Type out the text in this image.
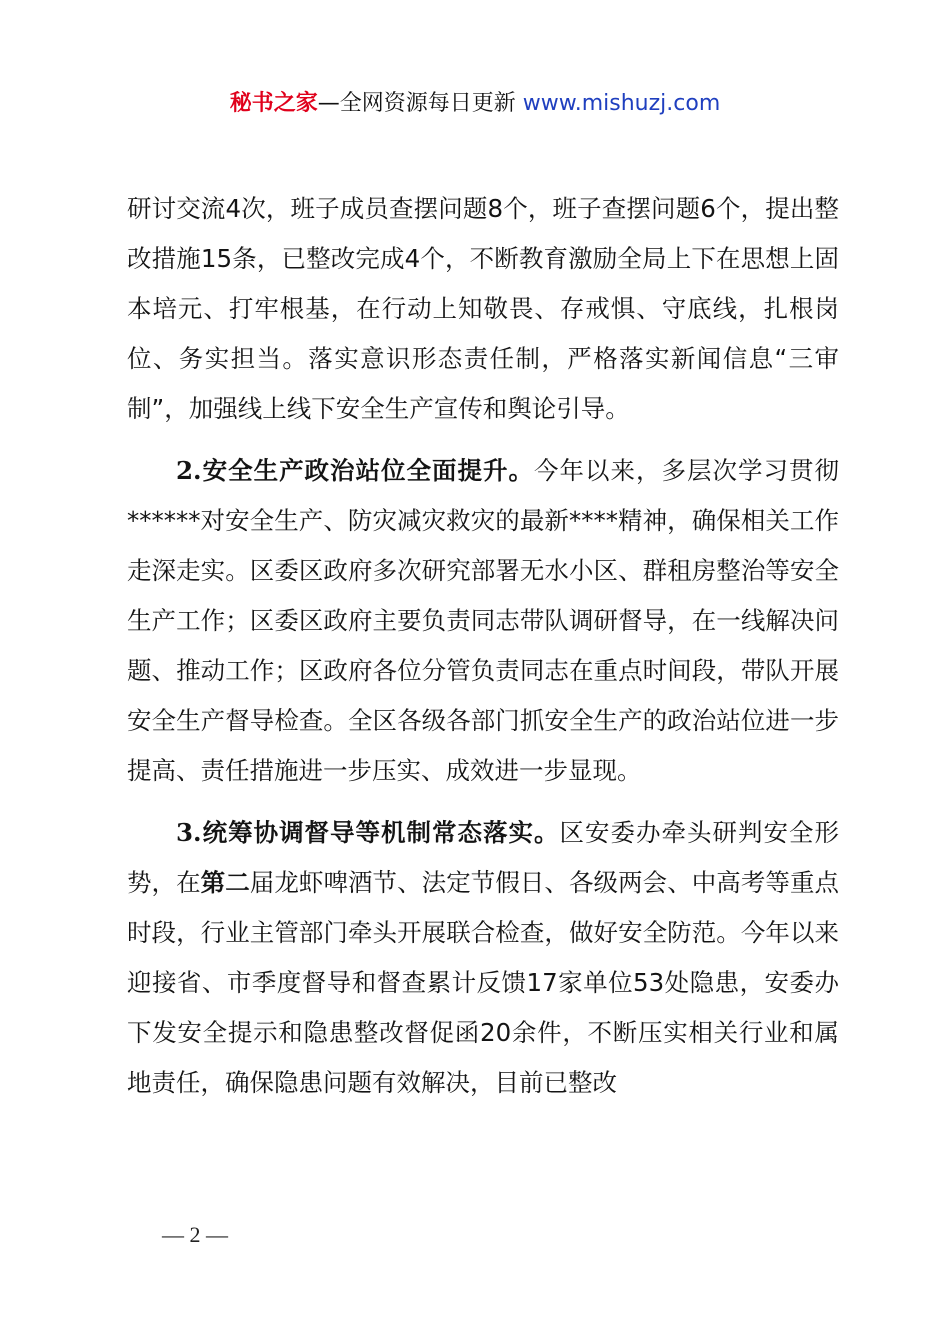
秘书之家—全网资源每日更新 www.mishuzj.com

研讨交流4次，班子成员查摆问题8个，班子查摆问题6个，提出整改措施15条，已整改完成4个，不断教育激励全局上下在思想上固本培元、打牢根基，在行动上知敬畏、存戒惧、守底线，扎根岗位、务实担当。落实意识形态责任制，严格落实新闻信息“三审制”，加强线上线下安全生产宣传和舆论引导。

2.安全生产政治站位全面提升。今年以来，多层次学习贯彻******对安全生产、防灾减灾救灾的最新****精神，确保相关工作走深走实。区委区政府多次研究部署无水小区、群租房整治等安全生产工作；区委区政府主要负责同志带队调研督导，在一线解决问题、推动工作；区政府各位分管负责同志在重点时间段，带队开展安全生产督导检查。全区各级各部门抓安全生产的政治站位进一步提高、责任措施进一步压实、成效进一步显现。

3.统筹协调督导等机制常态落实。区安委办牵头研判安全形势，在第二届龙虾啤酒节、法定节假日、各级两会、中高考等重点时段，行业主管部门牵头开展联合检查，做好安全防范。今年以来迎接省、市季度督导和督查累计反馈17家单位53处隐患，安委办下发安全提示和隐患整改督促函20余件，不断压实相关行业和属地责任，确保隐患问题有效解决，目前已整改

— 2 —
